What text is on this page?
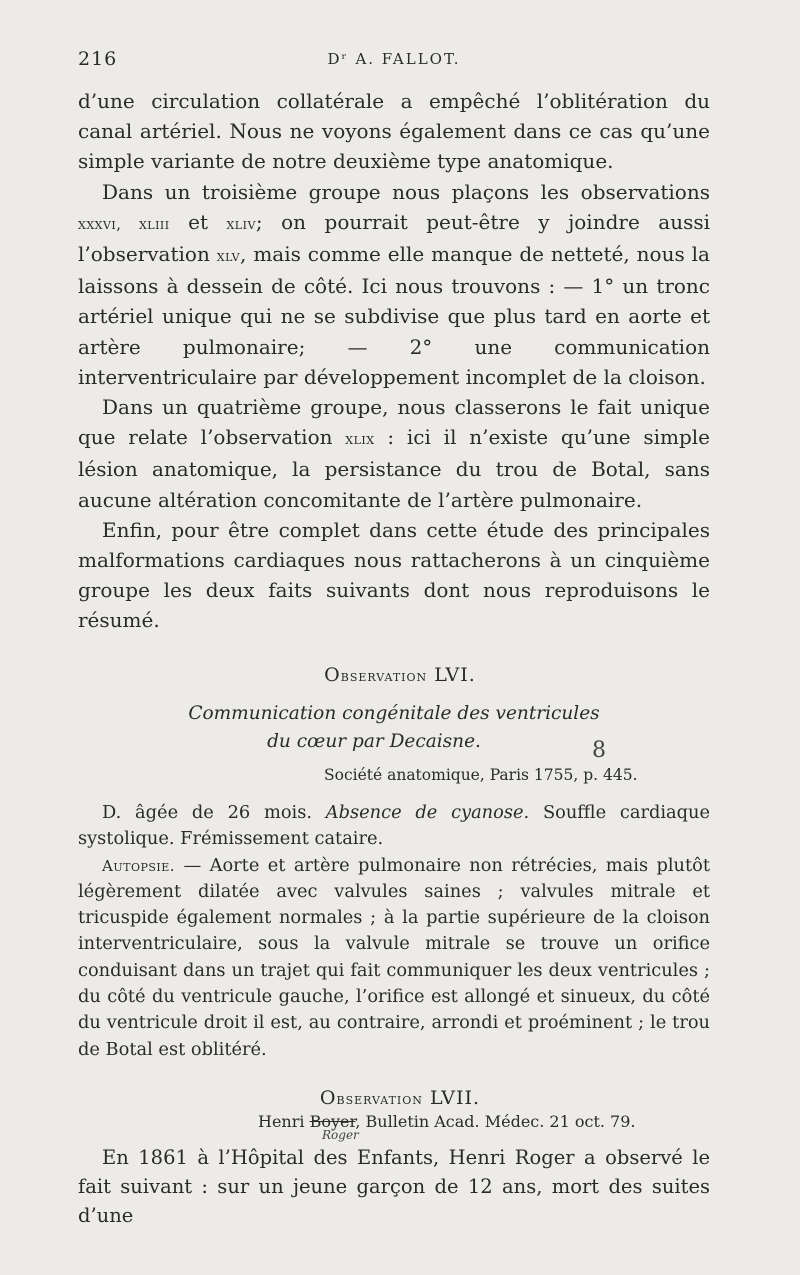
216	Dʳ A. FALLOT.

d’une circulation collatérale a empêché l’oblitération du canal artériel. Nous ne voyons également dans ce cas qu’une simple variante de notre deuxième type anatomique.

Dans un troisième groupe nous plaçons les observations xxxvi, xliii et xliv; on pourrait peut-être y joindre aussi l’observation xlv, mais comme elle manque de netteté, nous la laissons à dessein de côté. Ici nous trouvons : — 1° un tronc artériel unique qui ne se subdivise que plus tard en aorte et artère pulmonaire; — 2° une communication interventriculaire par développement incomplet de la cloison.

Dans un quatrième groupe, nous classerons le fait unique que relate l’observation xlix : ici il n’existe qu’une simple lésion anatomique, la persistance du trou de Botal, sans aucune altération concomitante de l’artère pulmonaire.

Enfin, pour être complet dans cette étude des principales malformations cardiaques nous rattacherons à un cinquième groupe les deux faits suivants dont nous reproduisons le résumé.

Observation LVI.
Communication congénitale des ventricules
du cœur par Decaisne.	8
Société anatomique, Paris 1755, p. 445.

D. âgée de 26 mois. Absence de cyanose. Souffle cardiaque systolique. Frémissement cataire.

Autopsie. — Aorte et artère pulmonaire non rétrécies, mais plutôt légèrement dilatée avec valvules saines ; valvules mitrale et tricuspide également normales ; à la partie supérieure de la cloison interventriculaire, sous la valvule mitrale se trouve un orifice conduisant dans un trajet qui fait communiquer les deux ventricules ; du côté du ventricule gauche, l’orifice est allongé et sinueux, du côté du ventricule droit il est, au contraire, arrondi et proéminent ; le trou de Botal est oblitéré.

Observation LVII.
Henri Boyer, Bulletin Acad. Médec. 21 oct. 79.
Roger

En 1861 à l’Hôpital des Enfants, Henri Roger a observé le fait suivant : sur un jeune garçon de 12 ans, mort des suites d’une
